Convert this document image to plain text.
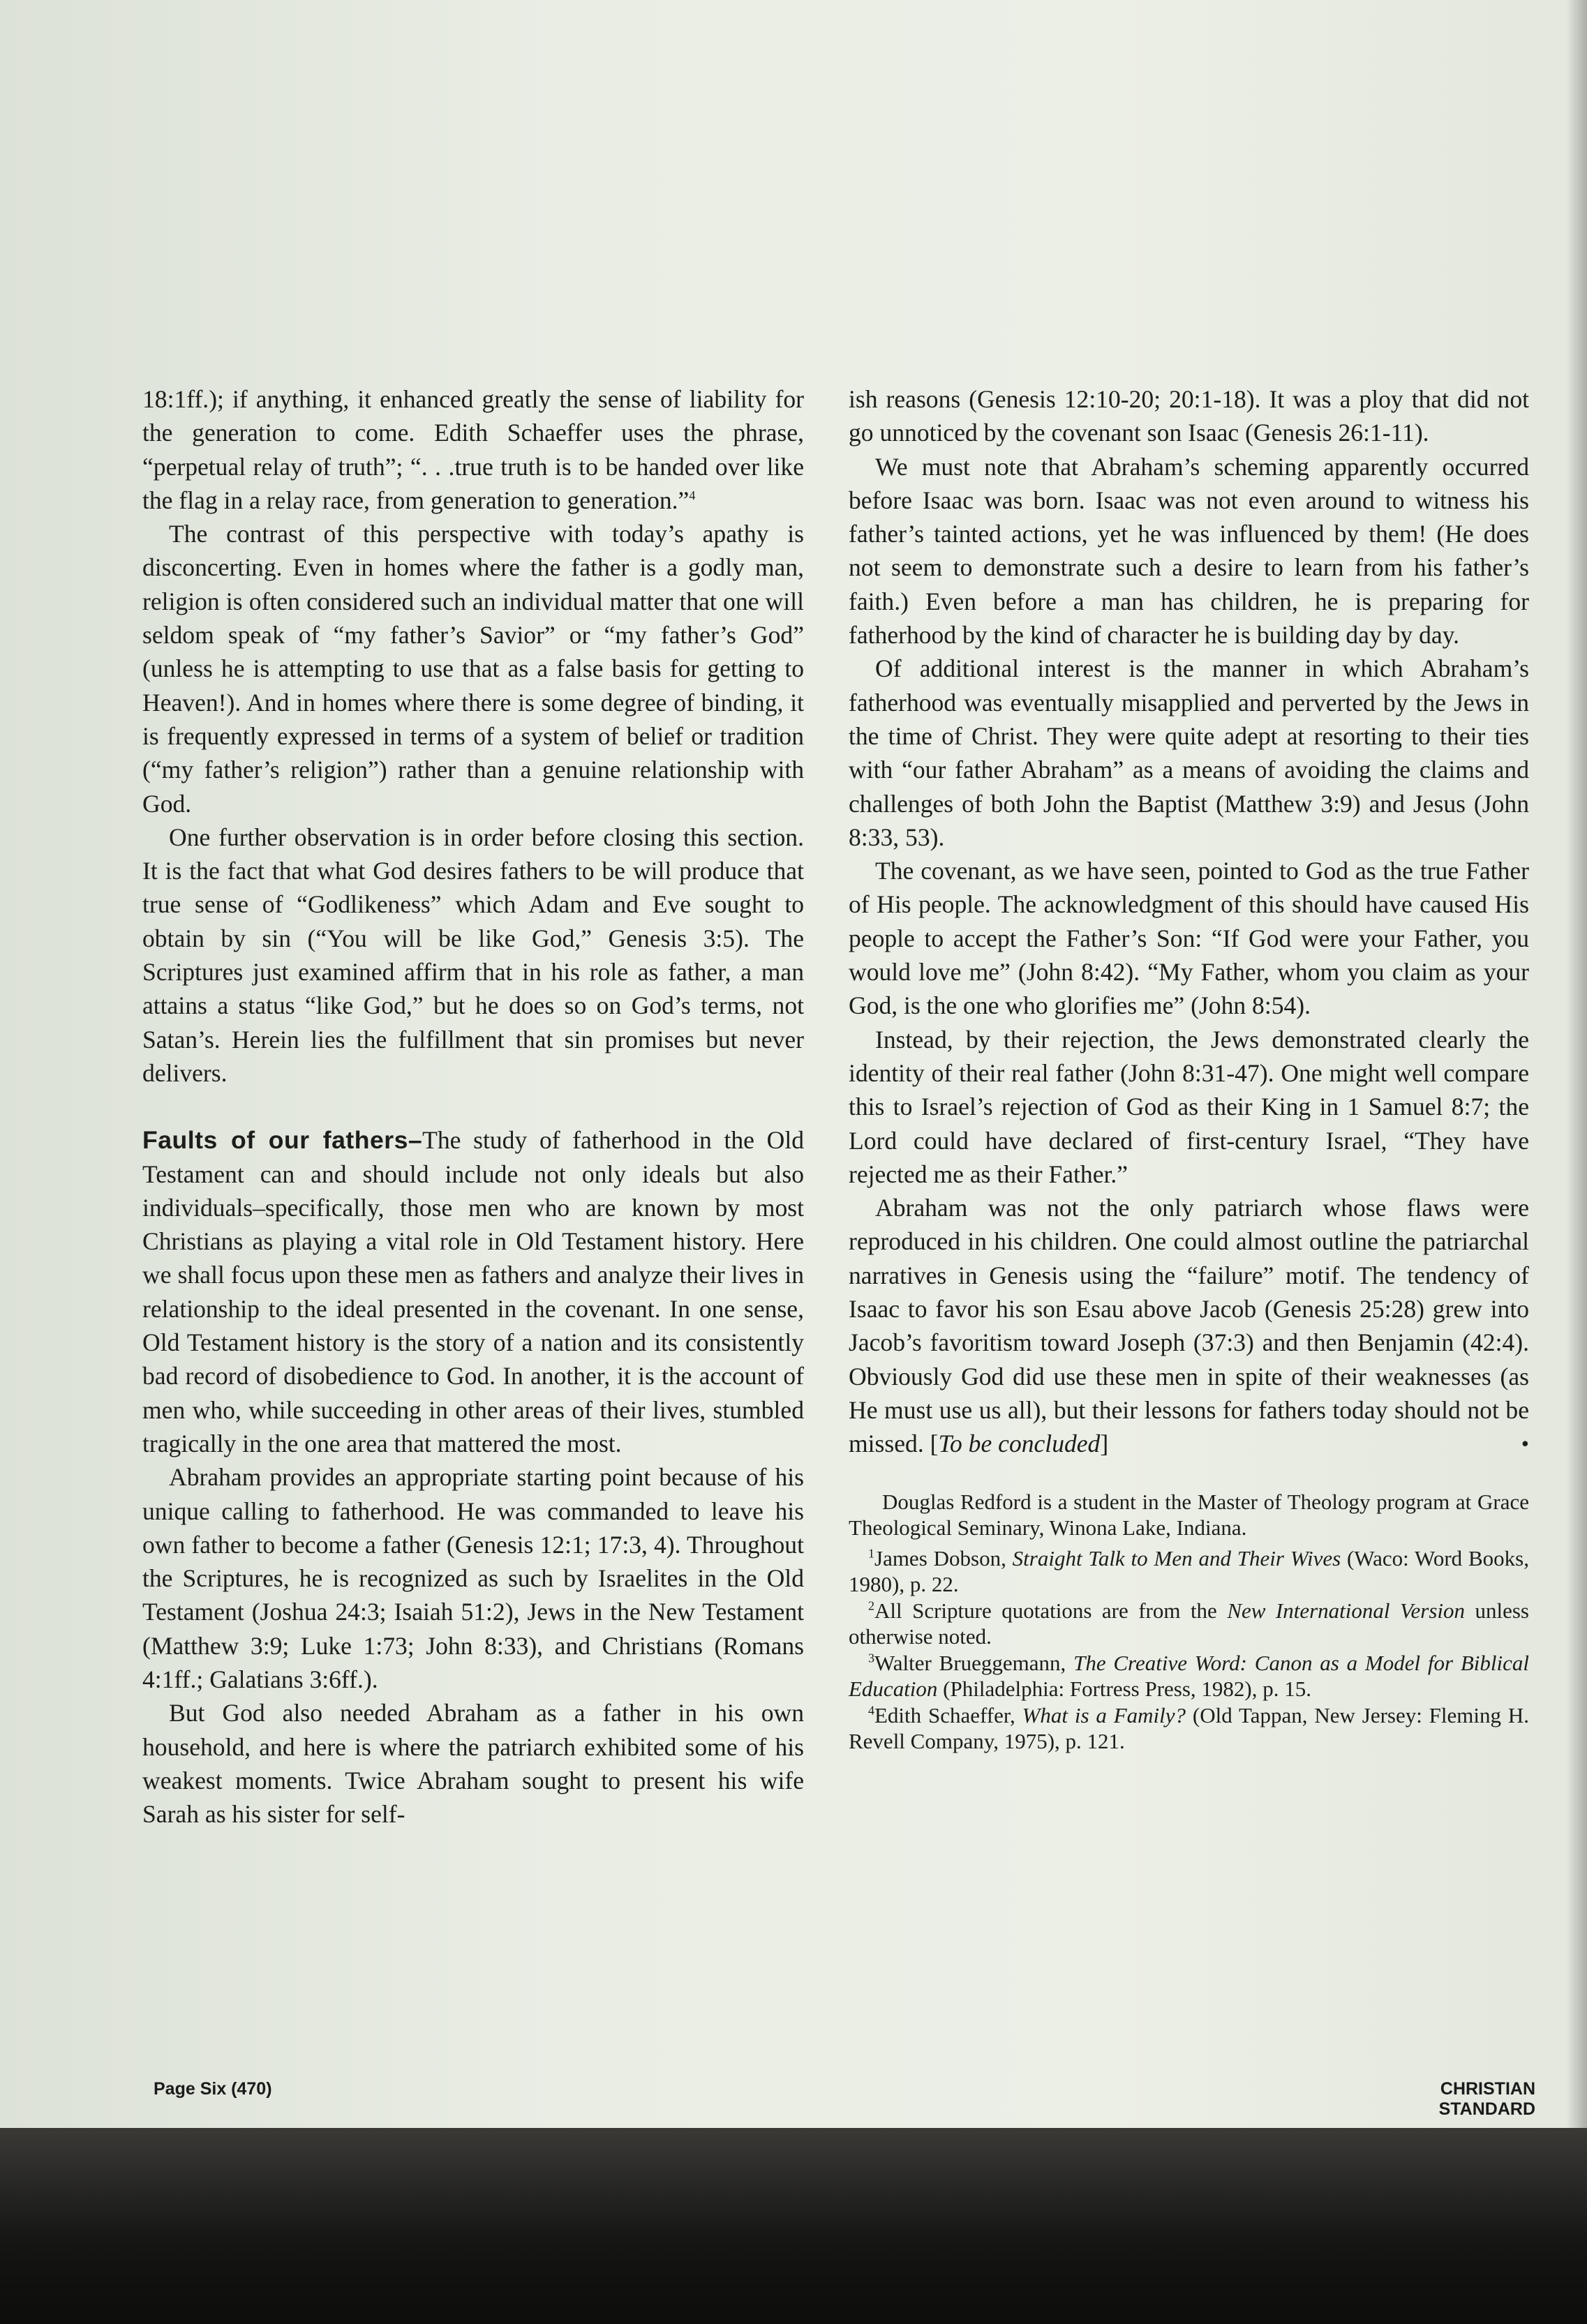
18:1ff.); if anything, it enhanced greatly the sense of liability for the generation to come. Edith Schaeffer uses the phrase, “perpetual relay of truth”; “. . .true truth is to be handed over like the flag in a relay race, from generation to generation.”$^4$

The contrast of this perspective with today’s apathy is disconcerting. Even in homes where the father is a godly man, religion is often considered such an individual matter that one will seldom speak of “my father’s Savior” or “my father’s God” (unless he is attempting to use that as a false basis for getting to Heaven!). And in homes where there is some degree of binding, it is frequently expressed in terms of a system of belief or tradition (“my father’s religion”) rather than a genuine relationship with God.

One further observation is in order before closing this section. It is the fact that what God desires fathers to be will produce that true sense of “Godlikeness” which Adam and Eve sought to obtain by sin (“You will be like God,” Genesis 3:5). The Scriptures just examined affirm that in his role as father, a man attains a status “like God,” but he does so on God’s terms, not Satan’s. Herein lies the fulfillment that sin promises but never delivers.

Faults of our fathers–The study of fatherhood in the Old Testament can and should include not only ideals but also individuals–specifically, those men who are known by most Christians as playing a vital role in Old Testament history. Here we shall focus upon these men as fathers and analyze their lives in relationship to the ideal presented in the covenant. In one sense, Old Testament history is the story of a nation and its consistently bad record of disobedience to God. In another, it is the account of men who, while succeeding in other areas of their lives, stumbled tragically in the one area that mattered the most.

Abraham provides an appropriate starting point because of his unique calling to fatherhood. He was commanded to leave his own father to become a father (Genesis 12:1; 17:3, 4). Throughout the Scriptures, he is recognized as such by Israelites in the Old Testament (Joshua 24:3; Isaiah 51:2), Jews in the New Testament (Matthew 3:9; Luke 1:73; John 8:33), and Christians (Romans 4:1ff.; Galatians 3:6ff.).

But God also needed Abraham as a father in his own household, and here is where the patriarch exhibited some of his weakest moments. Twice Abraham sought to present his wife Sarah as his sister for self-

ish reasons (Genesis 12:10-20; 20:1-18). It was a ploy that did not go unnoticed by the covenant son Isaac (Genesis 26:1-11).

We must note that Abraham’s scheming apparently occurred before Isaac was born. Isaac was not even around to witness his father’s tainted actions, yet he was influenced by them! (He does not seem to demonstrate such a desire to learn from his father’s faith.) Even before a man has children, he is preparing for fatherhood by the kind of character he is building day by day.

Of additional interest is the manner in which Abraham’s fatherhood was eventually misapplied and perverted by the Jews in the time of Christ. They were quite adept at resorting to their ties with “our father Abraham” as a means of avoiding the claims and challenges of both John the Baptist (Matthew 3:9) and Jesus (John 8:33, 53).

The covenant, as we have seen, pointed to God as the true Father of His people. The acknowledgment of this should have caused His people to accept the Father’s Son: “If God were your Father, you would love me” (John 8:42). “My Father, whom you claim as your God, is the one who glorifies me” (John 8:54).

Instead, by their rejection, the Jews demonstrated clearly the identity of their real father (John 8:31-47). One might well compare this to Israel’s rejection of God as their King in 1 Samuel 8:7; the Lord could have declared of first-century Israel, “They have rejected me as their Father.”

Abraham was not the only patriarch whose flaws were reproduced in his children. One could almost outline the patriarchal narratives in Genesis using the “failure” motif. The tendency of Isaac to favor his son Esau above Jacob (Genesis 25:28) grew into Jacob’s favoritism toward Joseph (37:3) and then Benjamin (42:4). Obviously God did use these men in spite of their weaknesses (as He must use us all), but their lessons for fathers today should not be missed. [To be concluded]	•

Douglas Redford is a student in the Master of Theology program at Grace Theological Seminary, Winona Lake, Indiana.

$^1$James Dobson, Straight Talk to Men and Their Wives (Waco: Word Books, 1980), p. 22.

$^2$All Scripture quotations are from the New International Version unless otherwise noted.

$^3$Walter Brueggemann, The Creative Word: Canon as a Model for Biblical Education (Philadelphia: Fortress Press, 1982), p. 15.

$^4$Edith Schaeffer, What is a Family? (Old Tappan, New Jersey: Fleming H. Revell Company, 1975), p. 121.

Page Six (470)	CHRISTIAN STANDARD
